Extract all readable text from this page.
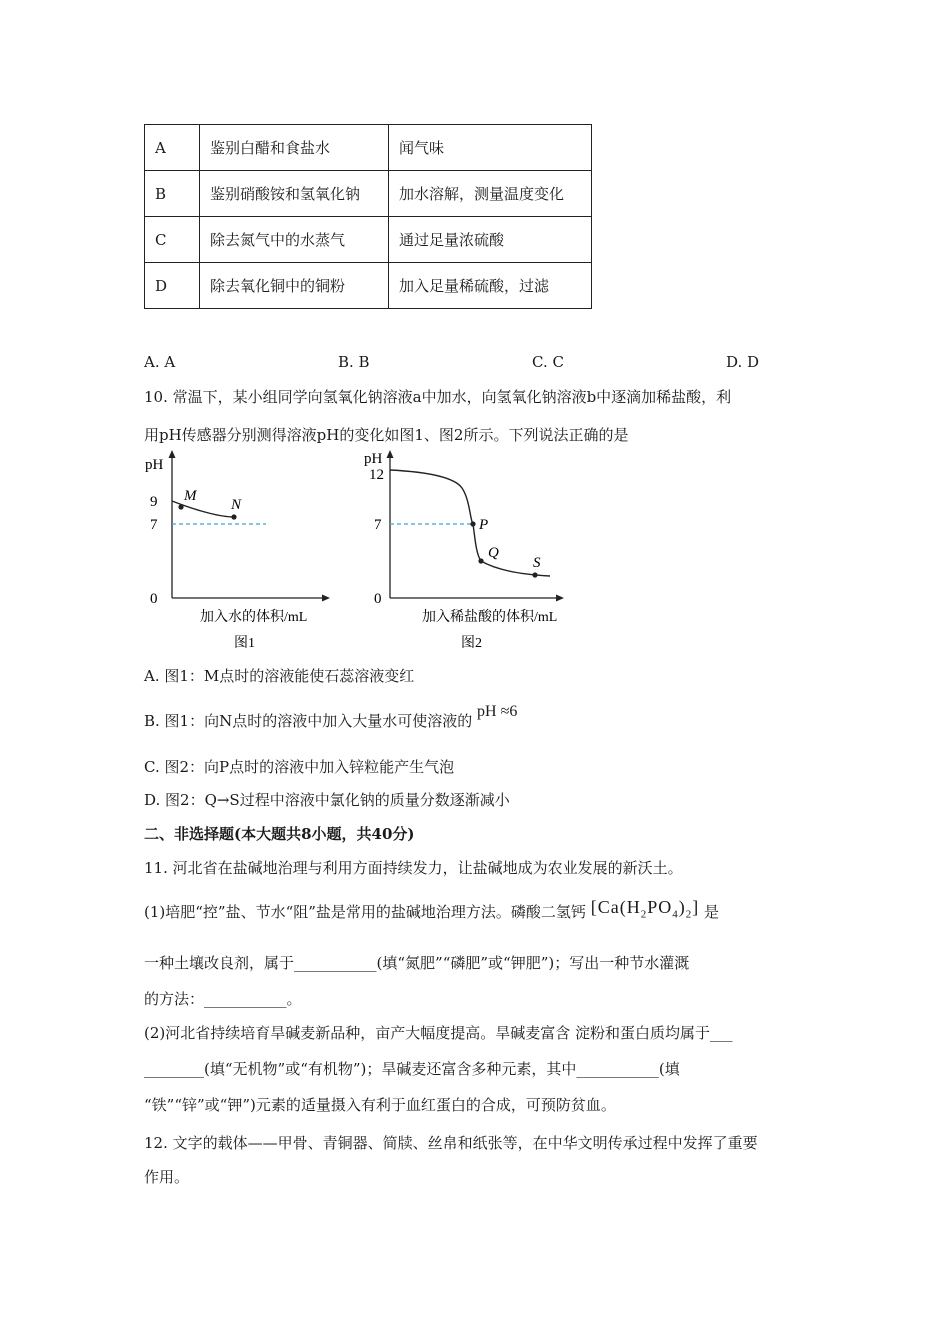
A	鉴别白醋和食盐水	闻气味
B	鉴别硝酸铵和氢氧化钠	加水溶解，测量温度变化
C	除去氮气中的水蒸气	通过足量浓硫酸
D	除去氧化铜中的铜粉	加入足量稀硫酸，过滤
A. A	B. B	C. C	D. D
10. 常温下，某小组同学向氢氧化钠溶液a中加水，向氢氧化钠溶液b中逐滴加稀盐酸，利
用pH传感器分别测得溶液pH的变化如图1、图2所示。下列说法正确的是
pH
9
7
0
M
N
加入水的体积/mL
图1
pH
12
7
0
P
Q
S
加入稀盐酸的体积/mL
图2
A. 图1：M点时的溶液能使石蕊溶液变红
B. 图1：向N点时的溶液中加入大量水可使溶液的 pH ≈6
C. 图2：向P点时的溶液中加入锌粒能产生气泡
D. 图2：Q→S过程中溶液中氯化钠的质量分数逐渐减小
二、非选择题(本大题共8小题，共40分)
11. 河北省在盐碱地治理与利用方面持续发力，让盐碱地成为农业发展的新沃土。
(1)培肥“控”盐、节水“阻”盐是常用的盐碱地治理方法。磷酸二氢钙 $[Ca(H_2PO_4)_2]$ 是
一种土壤改良剂，属于___________(填“氮肥”“磷肥”或“钾肥”)；写出一种节水灌溉
的方法：___________。
(2)河北省持续培育旱碱麦新品种，亩产大幅度提高。旱碱麦富含 淀粉和蛋白质均属于___
________(填“无机物”或“有机物”)；旱碱麦还富含多种元素，其中___________(填
“铁”“锌”或“钾”)元素的适量摄入有利于血红蛋白的合成，可预防贫血。
12. 文字的载体——甲骨、青铜器、简牍、丝帛和纸张等，在中华文明传承过程中发挥了重要
作用。
